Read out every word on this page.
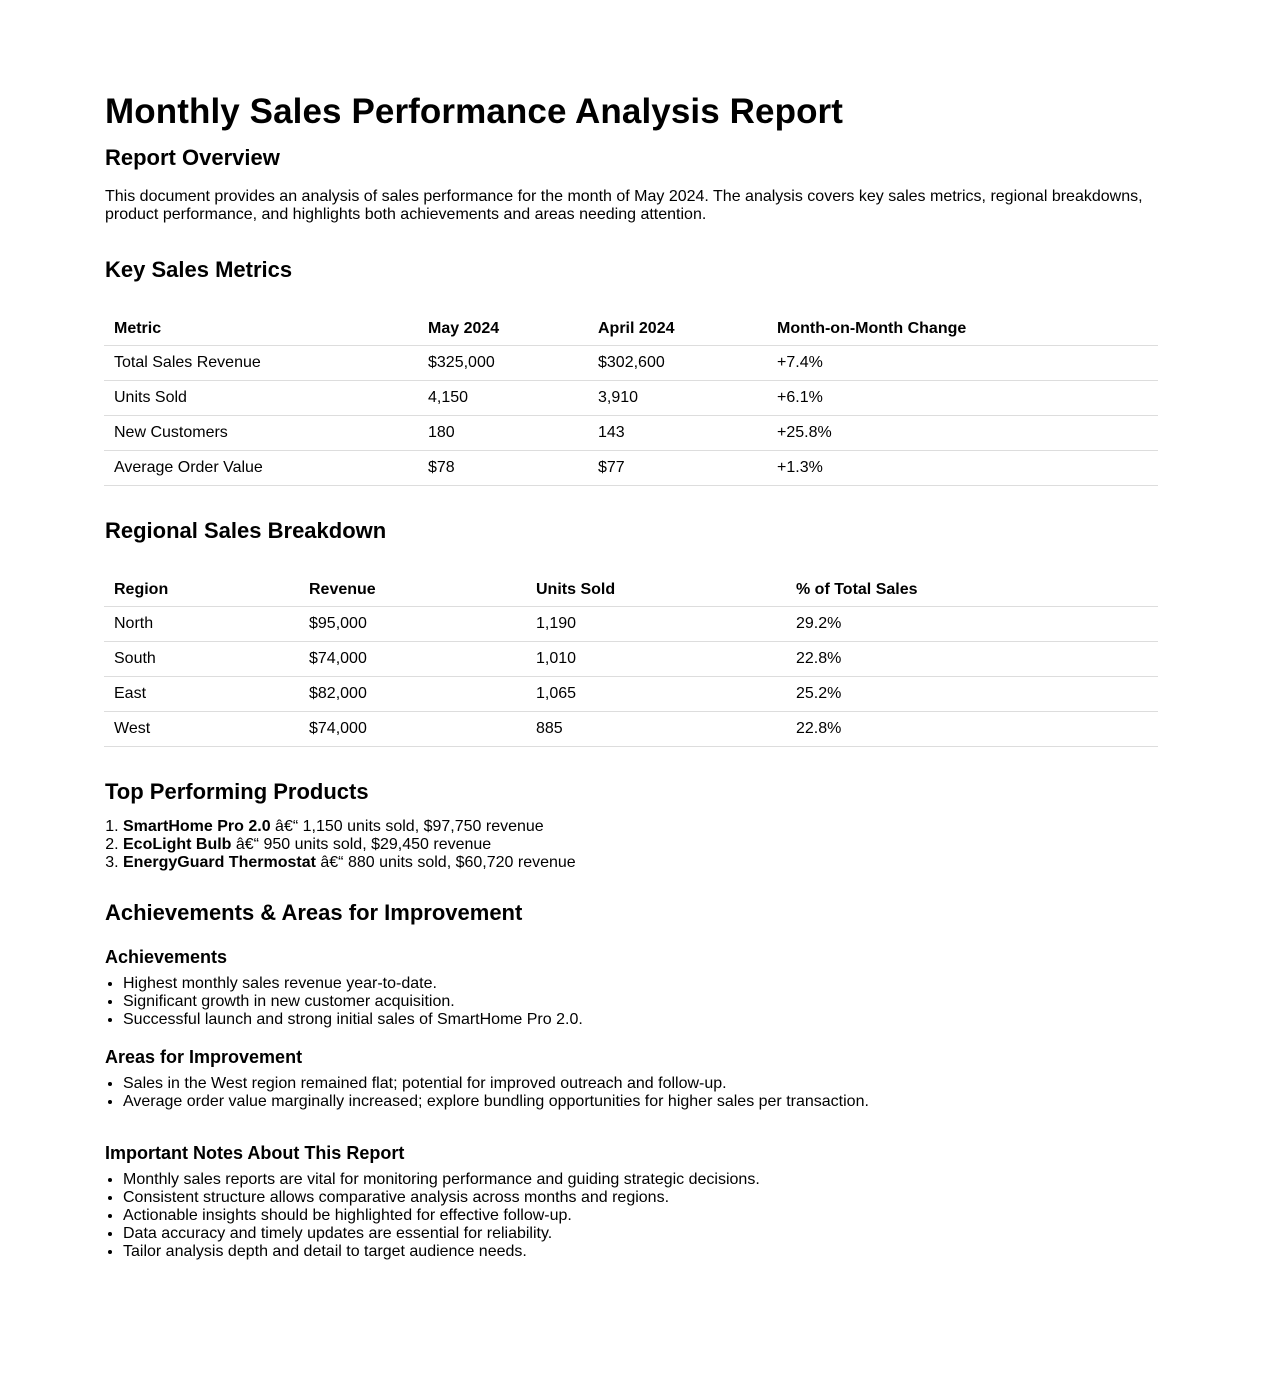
Monthly Sales Performance Analysis Report
Report Overview

This document provides an analysis of sales performance for the month of May 2024. The analysis covers key sales metrics, regional breakdowns, product performance, and highlights both achievements and areas needing attention.

Key Sales Metrics
Metric	May 2024	April 2024	Month-on-Month Change
Total Sales Revenue	$325,000	$302,600	+7.4%
Units Sold	4,150	3,910	+6.1%
New Customers	180	143	+25.8%
Average Order Value	$78	$77	+1.3%
Regional Sales Breakdown
Region	Revenue	Units Sold	% of Total Sales
North	$95,000	1,190	29.2%
South	$74,000	1,010	22.8%
East	$82,000	1,065	25.2%
West	$74,000	885	22.8%
Top Performing Products
1. SmartHome Pro 2.0 â€“ 1,150 units sold, $97,750 revenue
2. EcoLight Bulb â€“ 950 units sold, $29,450 revenue
3. EnergyGuard Thermostat â€“ 880 units sold, $60,720 revenue
Achievements & Areas for Improvement
Achievements
• Highest monthly sales revenue year-to-date.
• Significant growth in new customer acquisition.
• Successful launch and strong initial sales of SmartHome Pro 2.0.
Areas for Improvement
• Sales in the West region remained flat; potential for improved outreach and follow-up.
• Average order value marginally increased; explore bundling opportunities for higher sales per transaction.
Important Notes About This Report
• Monthly sales reports are vital for monitoring performance and guiding strategic decisions.
• Consistent structure allows comparative analysis across months and regions.
• Actionable insights should be highlighted for effective follow-up.
• Data accuracy and timely updates are essential for reliability.
• Tailor analysis depth and detail to target audience needs.
